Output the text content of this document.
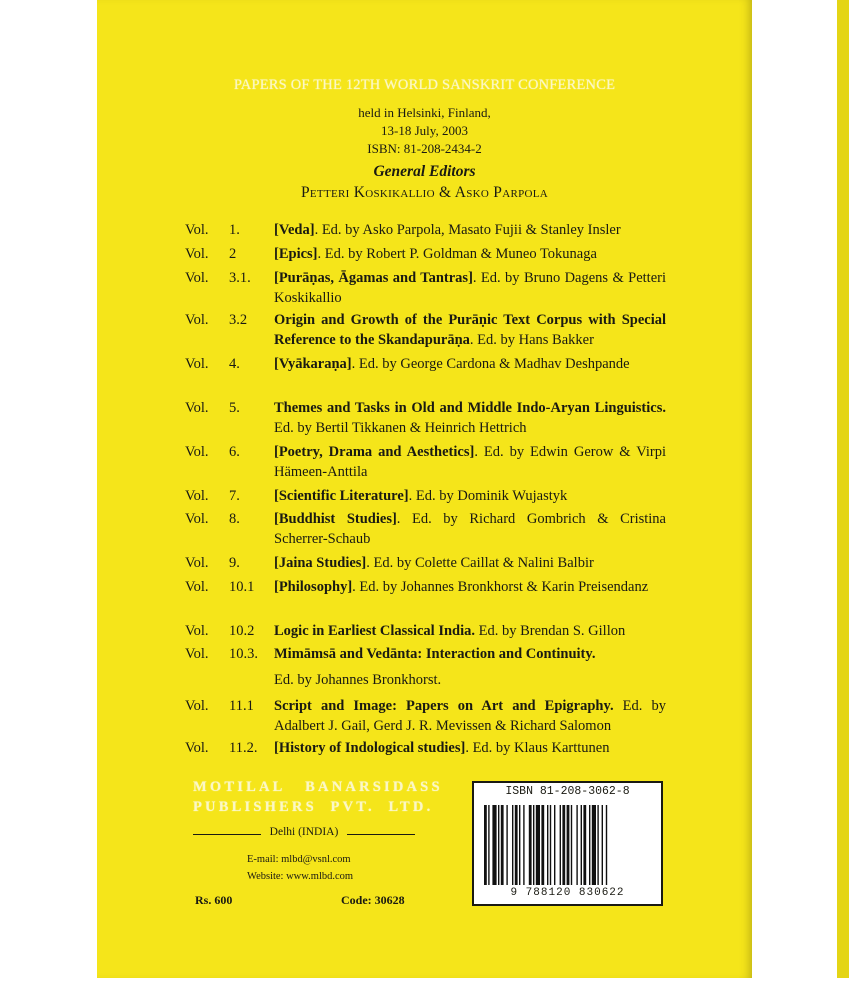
PAPERS OF THE 12TH WORLD SANSKRIT CONFERENCE
held in Helsinki, Finland,
13-18 July, 2003
ISBN: 81-208-2434-2
General Editors
Petteri Koskikallio & Asko Parpola
Vol.	1.	[Veda]. Ed. by Asko Parpola, Masato Fujii & Stanley Insler
Vol.	2	[Epics]. Ed. by Robert P. Goldman & Muneo Tokunaga
Vol.	3.1.	[Purāṇas, Āgamas and Tantras]. Ed. by Bruno Dagens & Petteri Koskikallio
Vol.	3.2	Origin and Growth of the Purāṇic Text Corpus with Special Reference to the Skandapurāṇa. Ed. by Hans Bakker
Vol.	4.	[Vyākaraṇa]. Ed. by George Cardona & Madhav Deshpande
Vol.	5.	Themes and Tasks in Old and Middle Indo-Aryan Linguistics. Ed. by Bertil Tikkanen & Heinrich Hettrich
Vol.	6.	[Poetry, Drama and Aesthetics]. Ed. by Edwin Gerow & Virpi Hämeen-Anttila
Vol.	7.	[Scientific Literature]. Ed. by Dominik Wujastyk
Vol.	8.	[Buddhist Studies]. Ed. by Richard Gombrich & Cristina Scherrer-Schaub
Vol.	9.	[Jaina Studies]. Ed. by Colette Caillat & Nalini Balbir
Vol.	10.1	[Philosophy]. Ed. by Johannes Bronkhorst & Karin Preisendanz
Vol.	10.2	Logic in Earliest Classical India. Ed. by Brendan S. Gillon
Vol.	10.3.	Mimāmsā and Vedānta: Interaction and Continuity.
Ed. by Johannes Bronkhorst.
Vol.	11.1	Script and Image: Papers on Art and Epigraphy. Ed. by Adalbert J. Gail, Gerd J. R. Mevissen & Richard Salomon
Vol.	11.2.	[History of Indological studies]. Ed. by Klaus Karttunen
MOTILAL   BANARSIDASS
PUBLISHERS  PVT.  LTD.
Delhi (INDIA)
E-mail: mlbd@vsnl.com
Website: www.mlbd.com
Rs. 600	Code: 30628
ISBN 81-208-3062-8
9 788120 830622
